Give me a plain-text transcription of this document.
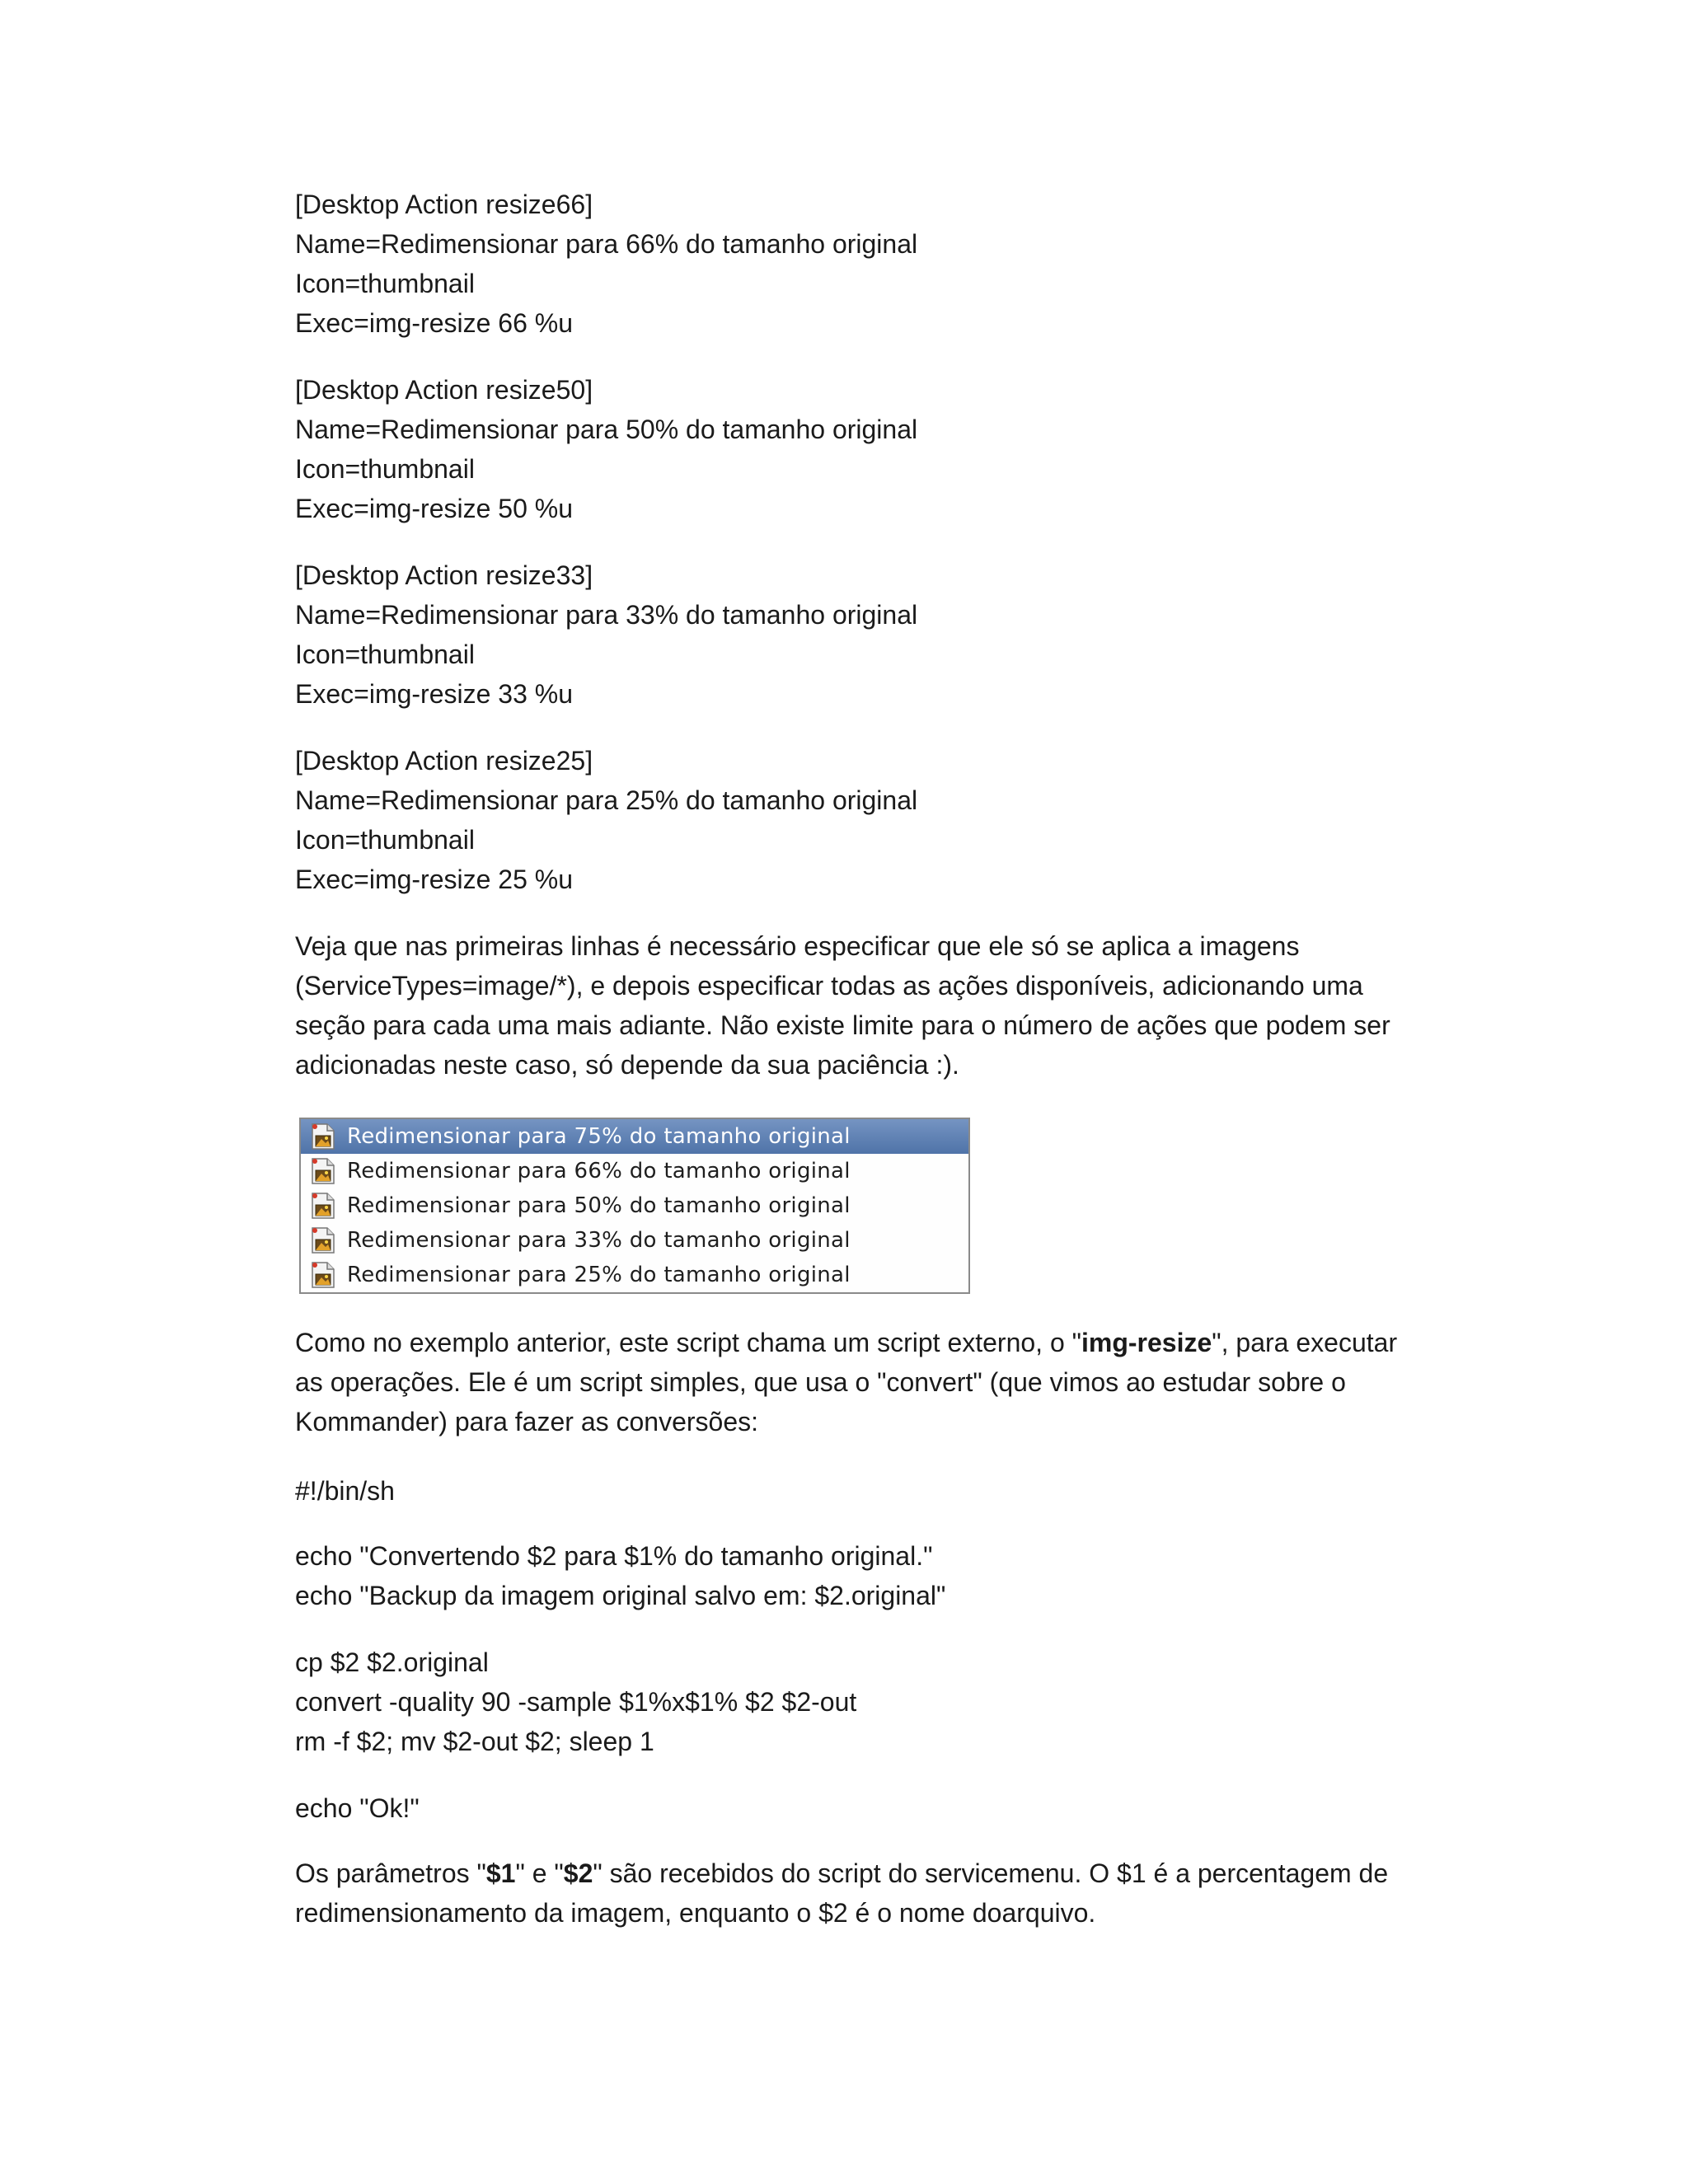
[Desktop Action resize66]
Name=Redimensionar para 66% do tamanho original
Icon=thumbnail
Exec=img-resize 66 %u
[Desktop Action resize50]
Name=Redimensionar para 50% do tamanho original
Icon=thumbnail
Exec=img-resize 50 %u
[Desktop Action resize33]
Name=Redimensionar para 33% do tamanho original
Icon=thumbnail
Exec=img-resize 33 %u
[Desktop Action resize25]
Name=Redimensionar para 25% do tamanho original
Icon=thumbnail
Exec=img-resize 25 %u
Veja que nas primeiras linhas é necessário especificar que ele só se aplica a imagens
(ServiceTypes=image/*), e depois especificar todas as ações disponíveis, adicionando uma
seção para cada uma mais adiante. Não existe limite para o número de ações que podem ser
adicionadas neste caso, só depende da sua paciência :).
Como no exemplo anterior, este script chama um script externo, o "img-resize", para executar
as operações. Ele é um script simples, que usa o "convert" (que vimos ao estudar sobre o
Kommander) para fazer as conversões:
#!/bin/sh
echo "Convertendo $2 para $1% do tamanho original."
echo "Backup da imagem original salvo em: $2.original"
cp $2 $2.original
convert -quality 90 -sample $1%x$1% $2 $2-out
rm -f $2; mv $2-out $2; sleep 1
echo "Ok!"
Os parâmetros "$1" e "$2" são recebidos do script do servicemenu. O $1 é a percentagem de
redimensionamento da imagem, enquanto o $2 é o nome doarquivo.
Redimensionar para 75% do tamanho original
Redimensionar para 66% do tamanho original
Redimensionar para 50% do tamanho original
Redimensionar para 33% do tamanho original
Redimensionar para 25% do tamanho original
